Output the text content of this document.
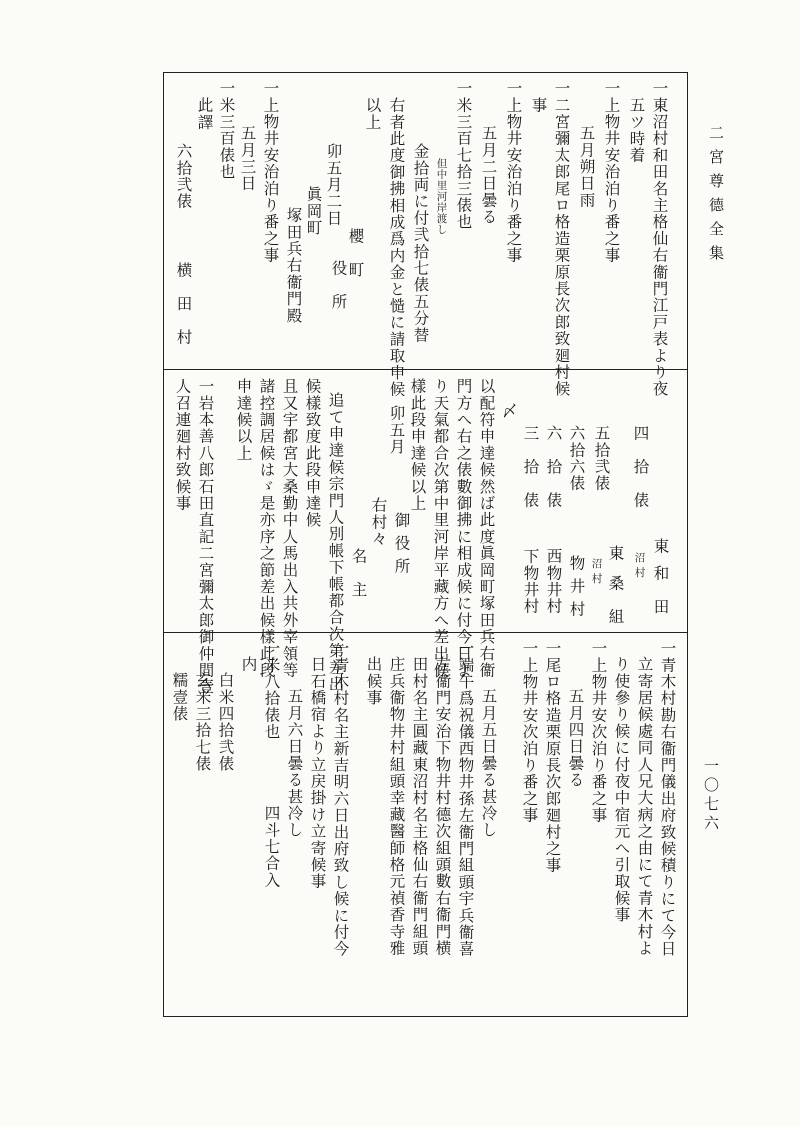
二宮尊德全集
一〇七六
一東沼村和田名主格仙右衞門江戸表より夜
五ツ時着
一上物井安治泊り番之事
五月朔日雨
一二宮彌太郎尾ロ格造栗原長次郎致廻村候
事
一上物井安治泊り番之事
五月二日曇る
一米三百七拾三俵也
但中里河岸渡し
金拾両に付弐拾七俵五分替
右者此度御拂相成爲内金と慥に請取申候
以上
櫻　町
役　所
卯五月二日
眞岡町
塚田兵右衞門殿
一上物井安治泊り番之事
五月三日
一米三百俵也
此譯
六拾弐俵
横　田　村
四　拾　俵
東
沼 村
和　田
五拾弐俵
東
沼 村
桑　組
六拾六俵
物 井 村
六　拾　俵
西物井村
三　拾　俵
下物井村
〆
以配符申達候然ば此度眞岡町塚田兵右衞
門方へ右之俵數御拂に相成候に付今日よ
り天氣都合次第中里河岸平藏方へ差出候
樣此段申達候以上
卯五月
御 役 所
右村々
名　主
追て申達候宗門人別帳下帳都合次第差出
候樣致度此段申達候
且又宇都宮大桑勤中人馬出入共外宰領等
諸控調居候はゞ是亦序之節差出候樣此段
申達候以上
一岩本善八郎石田直記二宮彌太郎御仲間壹
人召連廻村致候事
一青木村勘右衞門儀出府致候積りにて今日
立寄居候處同人兄大病之由にて青木村よ
り使參り候に付夜中宿元へ引取候事
一上物井安次泊り番之事
五月四日曇る
一尾ロ格造栗原長次郎廻村之事
一上物井安次泊り番之事
五月五日曇る甚冷し
一端午爲祝儀西物井孫左衞門組頭宇兵衞喜
左衞門安治下物井村德次組頭數右衞門横
田村名主圓藏東沼村名主格仙右衞門組頭
庄兵衞物井村組頭幸藏醫師格元禎香寺雅
出候事
一青木村名主新吉明六日出府致し候に付今
日石橋宿より立戻掛け立寄候事
五月六日曇る甚冷し
一米八拾俵也
四斗七合入
内
白米四拾弐俵
玄米三拾七俵
糯壹俵
